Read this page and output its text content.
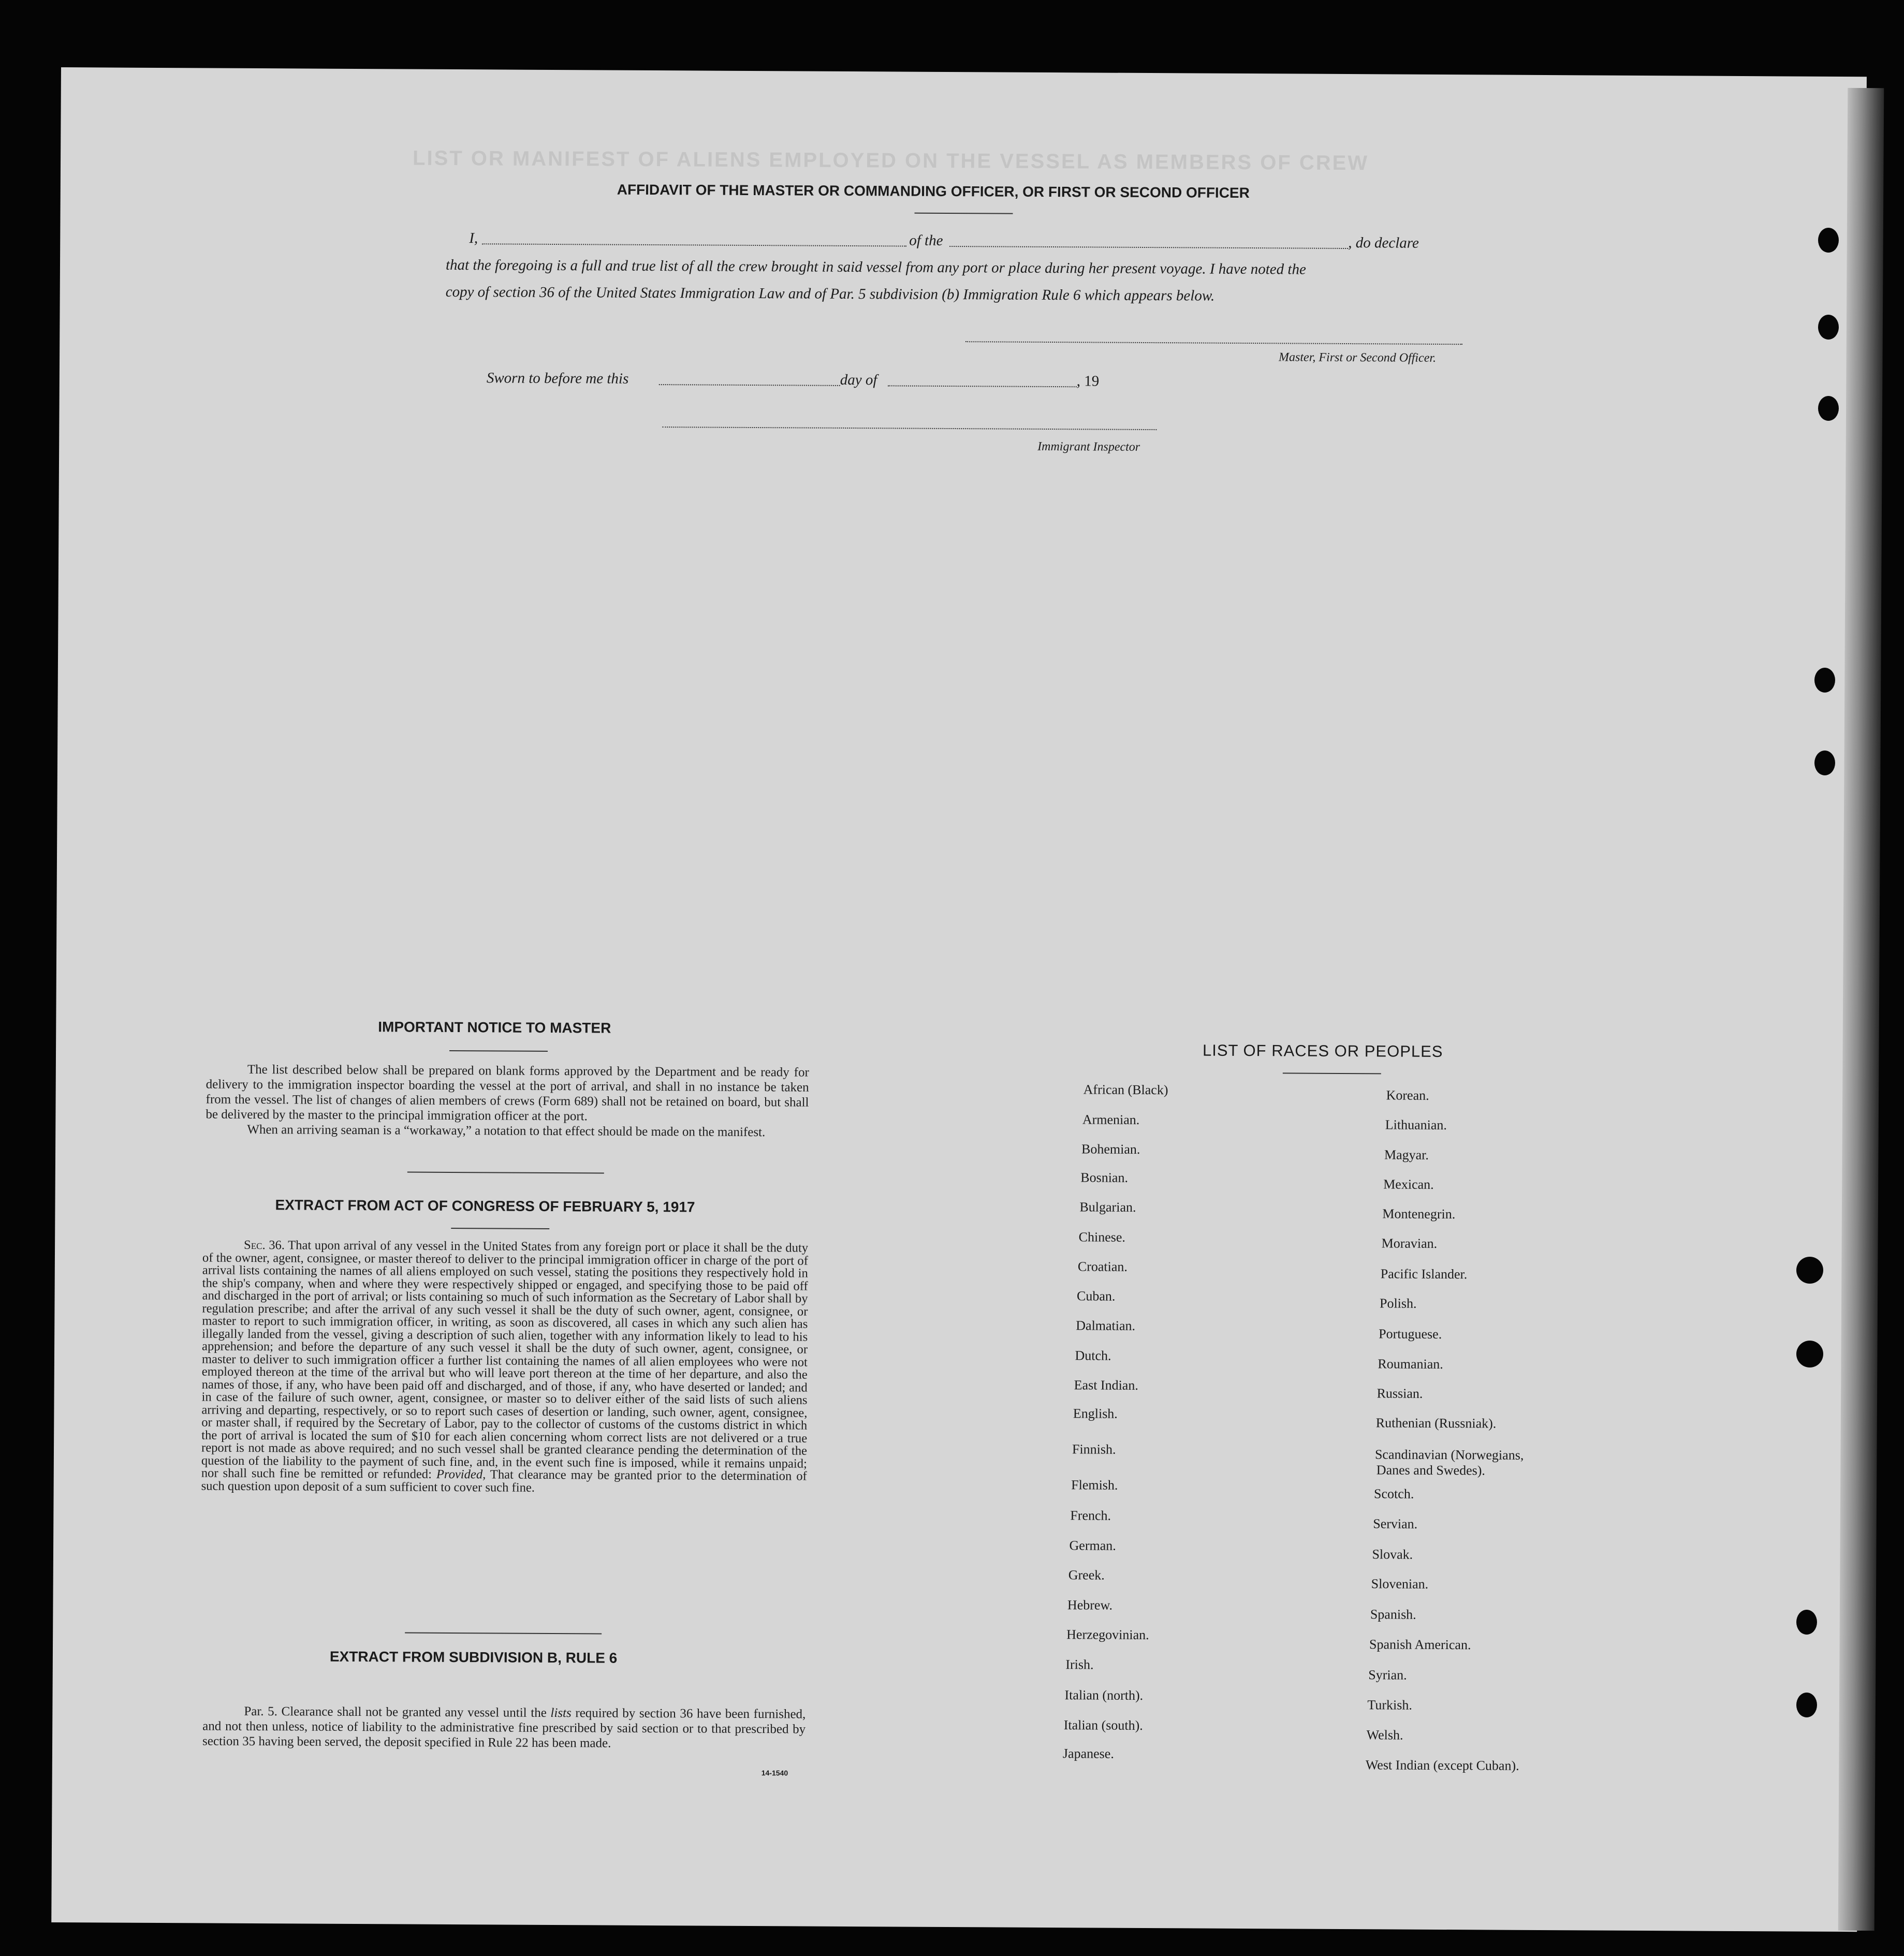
LIST OR MANIFEST OF ALIENS EMPLOYED ON THE VESSEL AS MEMBERS OF CREW
AFFIDAVIT OF THE MASTER OR COMMANDING OFFICER, OR FIRST OR SECOND OFFICER
I,	of the	, do declare
that the foregoing is a full and true list of all the crew brought in said vessel from any port or place during her present voyage. I have noted the
copy of section 36 of the United States Immigration Law and of Par. 5 subdivision (b) Immigration Rule 6 which appears below.
Master, First or Second Officer.
Sworn to before me this	day of	, 19
Immigrant Inspector
IMPORTANT NOTICE TO MASTER
The list described below shall be prepared on blank forms approved by the Department and be ready for delivery to the immigration inspector boarding the vessel at the port of arrival, and shall in no instance be taken from the vessel. The list of changes of alien members of crews (Form 689) shall not be retained on board, but shall be delivered by the master to the principal immigration officer at the port.
When an arriving seaman is a “workaway,” a notation to that effect should be made on the manifest.
EXTRACT FROM ACT OF CONGRESS OF FEBRUARY 5, 1917
Sec. 36. That upon arrival of any vessel in the United States from any foreign port or place it shall be the duty of the owner, agent, consignee, or master thereof to deliver to the principal immigration officer in charge of the port of arrival lists containing the names of all aliens employed on such vessel, stating the positions they respectively hold in the ship's company, when and where they were respectively shipped or engaged, and specifying those to be paid off and discharged in the port of arrival; or lists containing so much of such information as the Secretary of Labor shall by regulation prescribe; and after the arrival of any such vessel it shall be the duty of such owner, agent, consignee, or master to report to such immigration officer, in writing, as soon as discovered, all cases in which any such alien has illegally landed from the vessel, giving a description of such alien, together with any information likely to lead to his apprehension; and before the departure of any such vessel it shall be the duty of such owner, agent, consignee, or master to deliver to such immigration officer a further list containing the names of all alien employees who were not employed thereon at the time of the arrival but who will leave port thereon at the time of her departure, and also the names of those, if any, who have been paid off and discharged, and of those, if any, who have deserted or landed; and in case of the failure of such owner, agent, consignee, or master so to deliver either of the said lists of such aliens arriving and departing, respectively, or so to report such cases of desertion or landing, such owner, agent, consignee, or master shall, if required by the Secretary of Labor, pay to the collector of customs of the customs district in which the port of arrival is located the sum of $10 for each alien concerning whom correct lists are not delivered or a true report is not made as above required; and no such vessel shall be granted clearance pending the determination of the question of the liability to the payment of such fine, and, in the event such fine is imposed, while it remains unpaid; nor shall such fine be remitted or refunded: Provided, That clearance may be granted prior to the determination of such question upon deposit of a sum sufficient to cover such fine.
EXTRACT FROM SUBDIVISION B, RULE 6
Par. 5. Clearance shall not be granted any vessel until the lists required by section 36 have been furnished, and not then unless, notice of liability to the administrative fine prescribed by said section or to that prescribed by section 35 having been served, the deposit specified in Rule 22 has been made.
14-1540
LIST OF RACES OR PEOPLES
Danes and Swedes).
African (Black)
Armenian.
Bohemian.
Bosnian.
Bulgarian.
Chinese.
Croatian.
Cuban.
Dalmatian.
Dutch.
East Indian.
English.
Finnish.
Flemish.
French.
German.
Greek.
Hebrew.
Herzegovinian.
Irish.
Italian (north).
Italian (south).
Japanese.
Korean.
Lithuanian.
Magyar.
Mexican.
Montenegrin.
Moravian.
Pacific Islander.
Polish.
Portuguese.
Roumanian.
Russian.
Ruthenian (Russniak).
Scandinavian (Norwegians,
Scotch.
Servian.
Slovak.
Slovenian.
Spanish.
Spanish American.
Syrian.
Turkish.
Welsh.
West Indian (except Cuban).
